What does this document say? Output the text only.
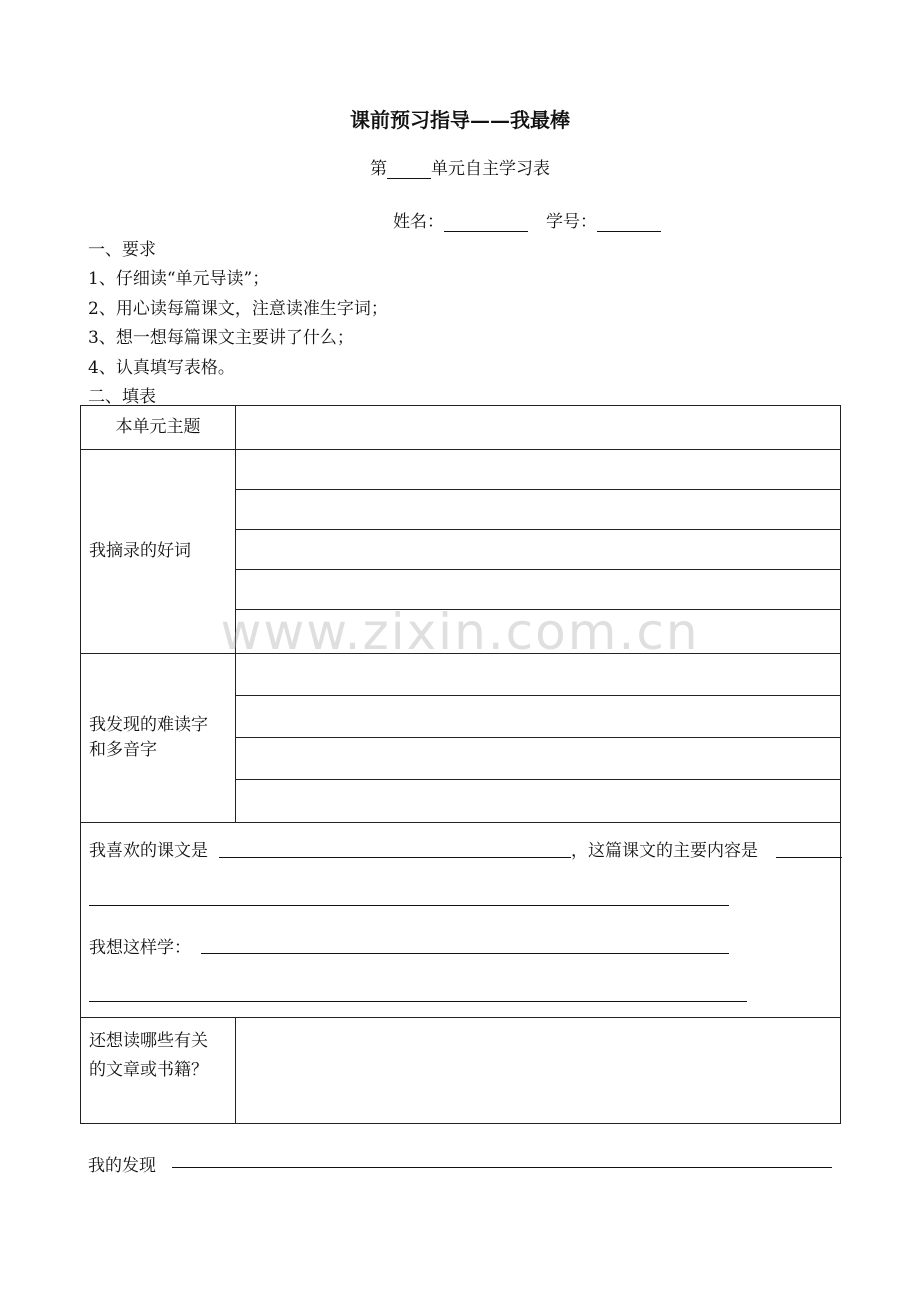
课前预习指导——我最棒
第	单元自主学习表
姓名：	学号：
一、要求
1、仔细读“单元导读”；
2、用心读每篇课文，注意读准生字词；
3、想一想每篇课文主要讲了什么；
4、认真填写表格。
二、填表
本单元主题	
我摘录的好词	

我发现的难读字
和多音字	

我喜欢的课文是 ，这篇课文的主要内容是
我想这样学：	

还想读哪些有关
的文章或书籍？	

我的发现
www.zixin.com.cn
